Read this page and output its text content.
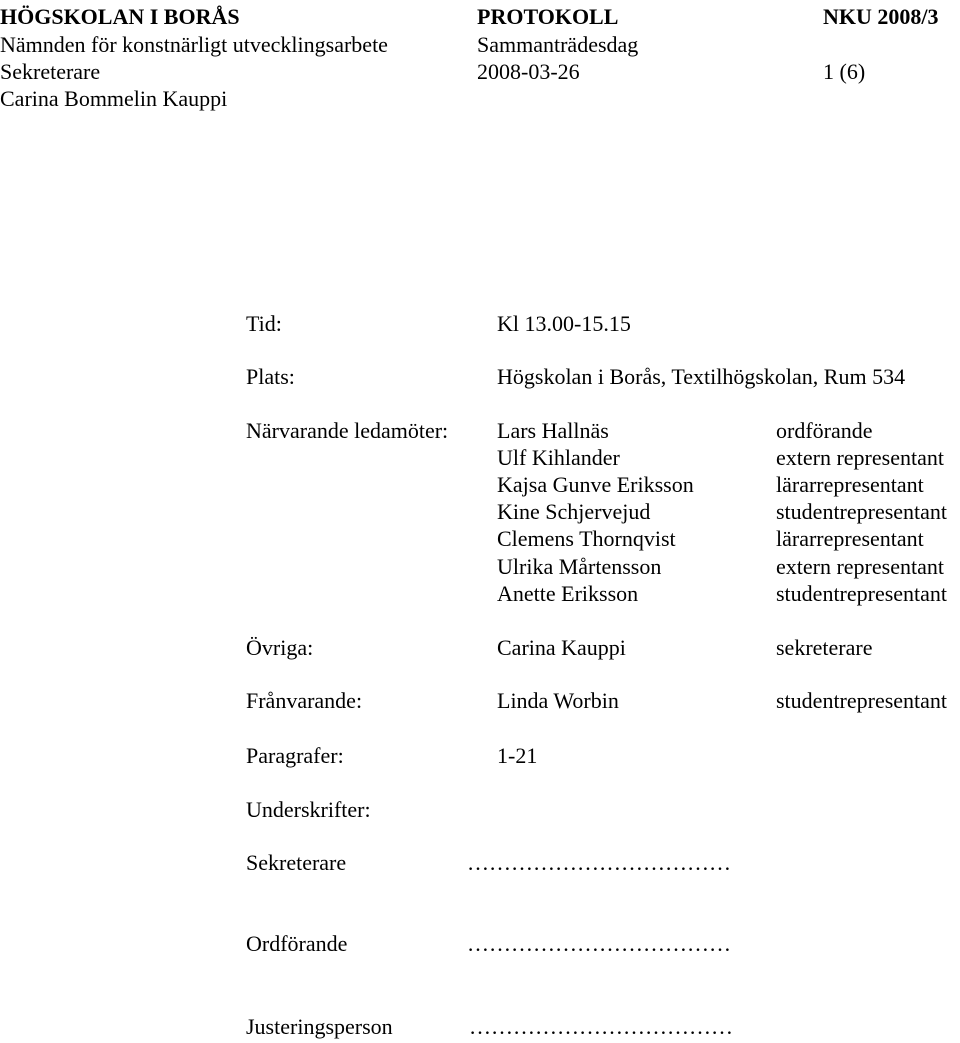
HÖGSKOLAN I BORÅS	PROTOKOLL	NKU 2008/3
Nämnden för konstnärligt utvecklingsarbete	Sammanträdesdag
Sekreterare	2008-03-26	1 (6)
Carina Bommelin Kauppi
Tid:	Kl 13.00-15.15
Plats:	Högskolan i Borås, Textilhögskolan, Rum 534
Närvarande ledamöter: Lars Hallnäs	ordförande
Ulf Kihlander	extern representant
Kajsa Gunve Eriksson	lärarrepresentant
Kine Schjervejud	studentrepresentant
Clemens Thornqvist	lärarrepresentant
Ulrika Mårtensson	extern representant
Anette Eriksson	studentrepresentant
Övriga:	Carina Kauppi	sekreterare
Frånvarande:	Linda Worbin	studentrepresentant
Paragrafer:	1-21
Underskrifter:
Sekreterare	………………………………
Ordförande	………………………………
Justeringsperson	………………………………
